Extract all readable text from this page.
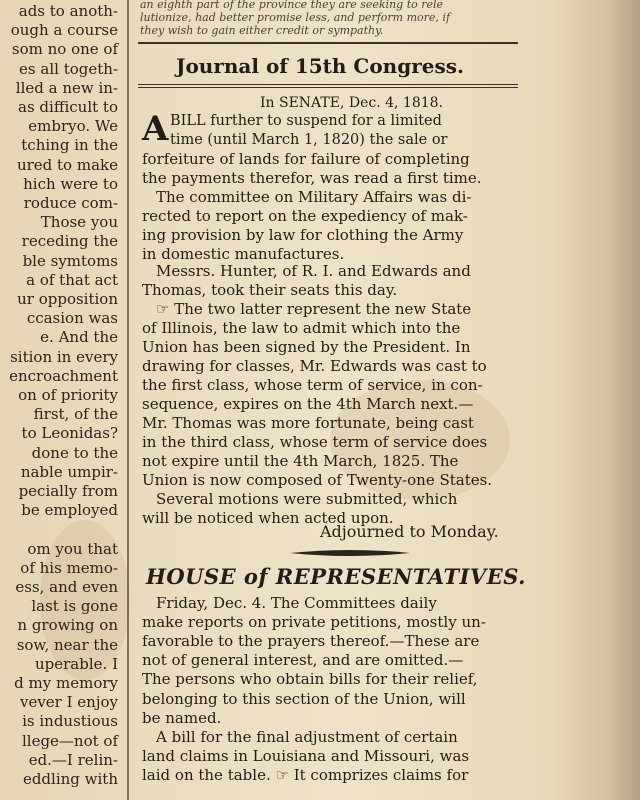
ads to anoth-
ough a course
som no one of
es all togeth-
lled a new in-
as difficult to
embryo. We
tching in the
ured to make
hich were to
roduce com-
Those you
receding the
ble symtoms
a of that act
ur opposition
ccasion was
e. And the
sition in every
encroachment
on of priority
first, of the
to Leonidas?
done to the
nable umpir-
pecially from
be employed
om you that
of his memo-
ess, and even
last is gone
n growing on
sow, near the
uperable. I
d my memory
vever I enjoy
is industious
llege—not of
ed.—I relin-
eddling with
an eighth part of the province they are seeking to rele
lutionize, had better promise less, and perform more, if
they wish to gain either credit or sympathy.
Journal of 15th Congress.
In SENATE, Dec. 4, 1818.
A BILL further to suspend for a limited
time (until March 1, 1820) the sale or
forfeiture of lands for failure of completing
the payments therefor, was read a first time.
The committee on Military Affairs was di-
rected to report on the expediency of mak-
ing provision by law for clothing the Army
in domestic manufactures.
Messrs. Hunter, of R. I. and Edwards and
Thomas, took their seats this day.
☞ The two latter represent the new State
of Illinois, the law to admit which into the
Union has been signed by the President. In
drawing for classes, Mr. Edwards was cast to
the first class, whose term of service, in con-
sequence, expires on the 4th March next.—
Mr. Thomas was more fortunate, being cast
in the third class, whose term of service does
not expire until the 4th March, 1825. The
Union is now composed of Twenty-one States.
Several motions were submitted, which
will be noticed when acted upon.
Adjourned to Monday.
HOUSE of REPRESENTATIVES.
Friday, Dec. 4. The Committees daily
make reports on private petitions, mostly un-
favorable to the prayers thereof.—These are
not of general interest, and are omitted.—
The persons who obtain bills for their relief,
belonging to this section of the Union, will
be named.
A bill for the final adjustment of certain
land claims in Louisiana and Missouri, was
laid on the table. ☞ It comprizes claims for
